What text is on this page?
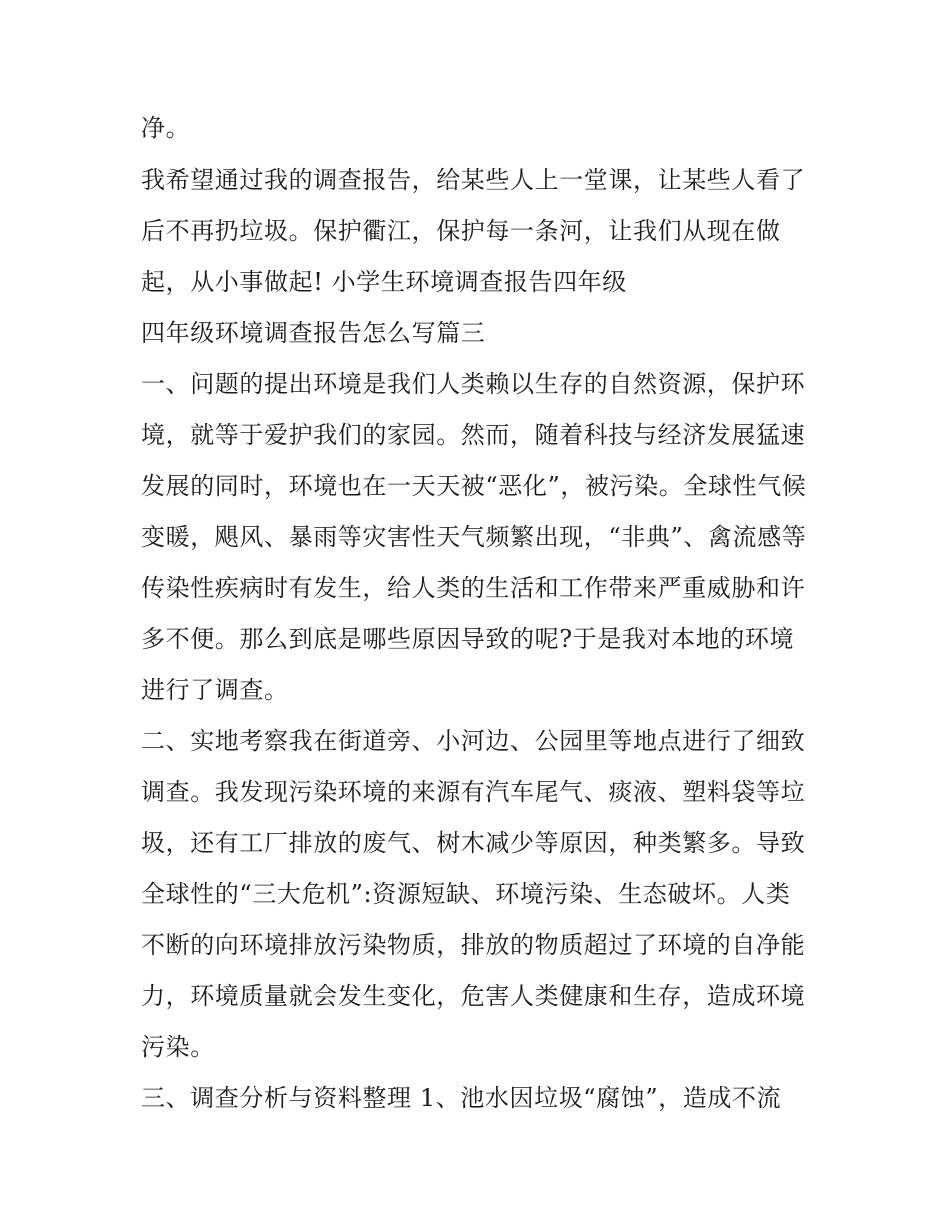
净。
我希望通过我的调查报告，给某些人上一堂课，让某些人看了
后不再扔垃圾。保护衢江，保护每一条河，让我们从现在做
起，从小事做起! 小学生环境调查报告四年级
四年级环境调查报告怎么写篇三
一、问题的提出环境是我们人类赖以生存的自然资源，保护环
境，就等于爱护我们的家园。然而，随着科技与经济发展猛速
发展的同时，环境也在一天天被“恶化”，被污染。全球性气候
变暖，飓风、暴雨等灾害性天气频繁出现，“非典”、禽流感等
传染性疾病时有发生，给人类的生活和工作带来严重威胁和许
多不便。那么到底是哪些原因导致的呢?于是我对本地的环境
进行了调查。
二、实地考察我在街道旁、小河边、公园里等地点进行了细致
调查。我发现污染环境的来源有汽车尾气、痰液、塑料袋等垃
圾，还有工厂排放的废气、树木减少等原因，种类繁多。导致
全球性的“三大危机”:资源短缺、环境污染、生态破坏。人类
不断的向环境排放污染物质，排放的物质超过了环境的自净能
力，环境质量就会发生变化，危害人类健康和生存，造成环境
污染。
三、调查分析与资料整理 1、池水因垃圾“腐蚀”，造成不流
